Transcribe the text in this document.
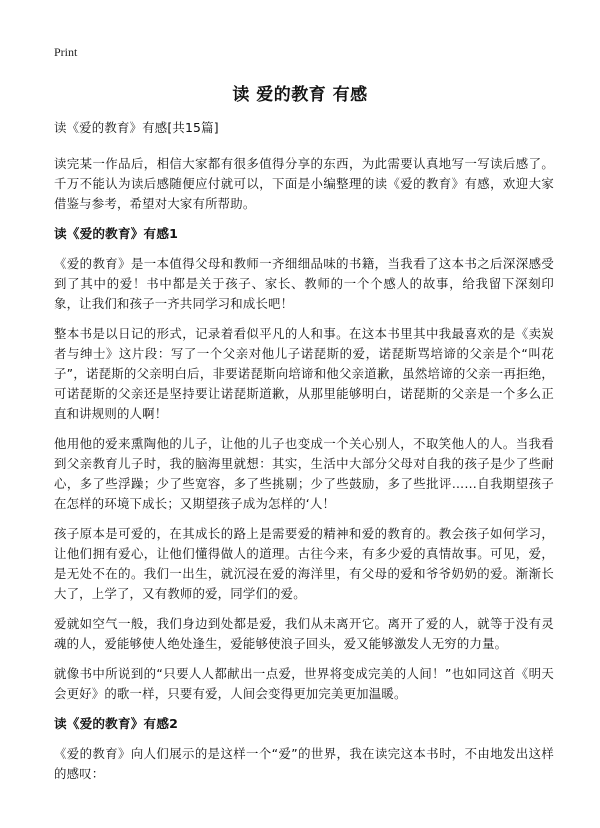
Print
读 爱的教育 有感

读《爱的教育》有感[共15篇]

读完某一作品后，相信大家都有很多值得分享的东西，为此需要认真地写一写读后感了。千万不能认为读后感随便应付就可以，下面是小编整理的读《爱的教育》有感，欢迎大家借鉴与参考，希望对大家有所帮助。

读《爱的教育》有感1

《爱的教育》是一本值得父母和教师一齐细细品味的书籍，当我看了这本书之后深深感受到了其中的爱！书中都是关于孩子、家长、教师的一个个感人的故事，给我留下深刻印象，让我们和孩子一齐共同学习和成长吧！

整本书是以日记的形式，记录着看似平凡的人和事。在这本书里其中我最喜欢的是《卖炭者与绅士》这片段：写了一个父亲对他儿子诺琵斯的爱，诺琵斯骂培谛的父亲是个“叫花子”，诺琵斯的父亲明白后，非要诺琵斯向培谛和他父亲道歉，虽然培谛的父亲一再拒绝，可诺琵斯的父亲还是坚持要让诺琵斯道歉，从那里能够明白，诺琵斯的父亲是一个多么正直和讲规则的人啊！

他用他的爱来熏陶他的儿子，让他的儿子也变成一个关心别人，不取笑他人的人。当我看到父亲教育儿子时，我的脑海里就想：其实，生活中大部分父母对自我的孩子是少了些耐心，多了些浮躁；少了些宽容，多了些挑剔；少了些鼓励，多了些批评……自我期望孩子在怎样的环境下成长；又期望孩子成为怎样的‘人！

孩子原本是可爱的，在其成长的路上是需要爱的精神和爱的教育的。教会孩子如何学习，让他们拥有爱心，让他们懂得做人的道理。古往今来，有多少爱的真情故事。可见，爱，是无处不在的。我们一出生，就沉浸在爱的海洋里，有父母的爱和爷爷奶奶的爱。渐渐长大了，上学了，又有教师的爱，同学们的爱。

爱就如空气一般，我们身边到处都是爱，我们从未离开它。离开了爱的人，就等于没有灵魂的人，爱能够使人绝处逢生，爱能够使浪子回头，爱又能够激发人无穷的力量。

就像书中所说到的“只要人人都献出一点爱，世界将变成完美的人间！”也如同这首《明天会更好》的歌一样，只要有爱，人间会变得更加完美更加温暖。

读《爱的教育》有感2

《爱的教育》向人们展示的是这样一个“爱”的世界，我在读完这本书时，不由地发出这样的感叹：
